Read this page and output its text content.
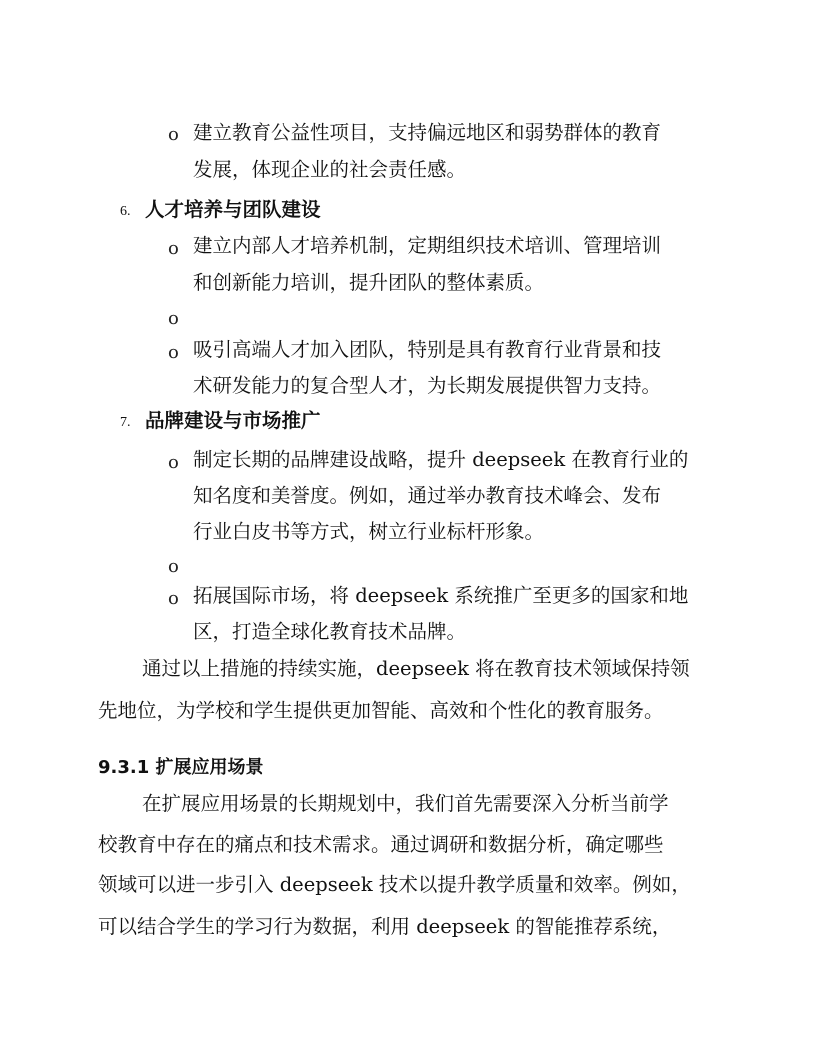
o 建立教育公益性项目，支持偏远地区和弱势群体的教育
发展，体现企业的社会责任感。
6. 人才培养与团队建设
o 建立内部人才培养机制，定期组织技术培训、管理培训
和创新能力培训，提升团队的整体素质。
o
o 吸引高端人才加入团队，特别是具有教育行业背景和技
术研发能力的复合型人才，为长期发展提供智力支持。
7. 品牌建设与市场推广
o 制定长期的品牌建设战略，提升 deepseek 在教育行业的
知名度和美誉度。例如，通过举办教育技术峰会、发布
行业白皮书等方式，树立行业标杆形象。
o
o 拓展国际市场，将 deepseek 系统推广至更多的国家和地
区，打造全球化教育技术品牌。
通过以上措施的持续实施，deepseek 将在教育技术领域保持领
先地位，为学校和学生提供更加智能、高效和个性化的教育服务。
9.3.1 扩展应用场景
在扩展应用场景的长期规划中，我们首先需要深入分析当前学
校教育中存在的痛点和技术需求。通过调研和数据分析，确定哪些
领域可以进一步引入 deepseek 技术以提升教学质量和效率。例如，
可以结合学生的学习行为数据，利用 deepseek 的智能推荐系统，
